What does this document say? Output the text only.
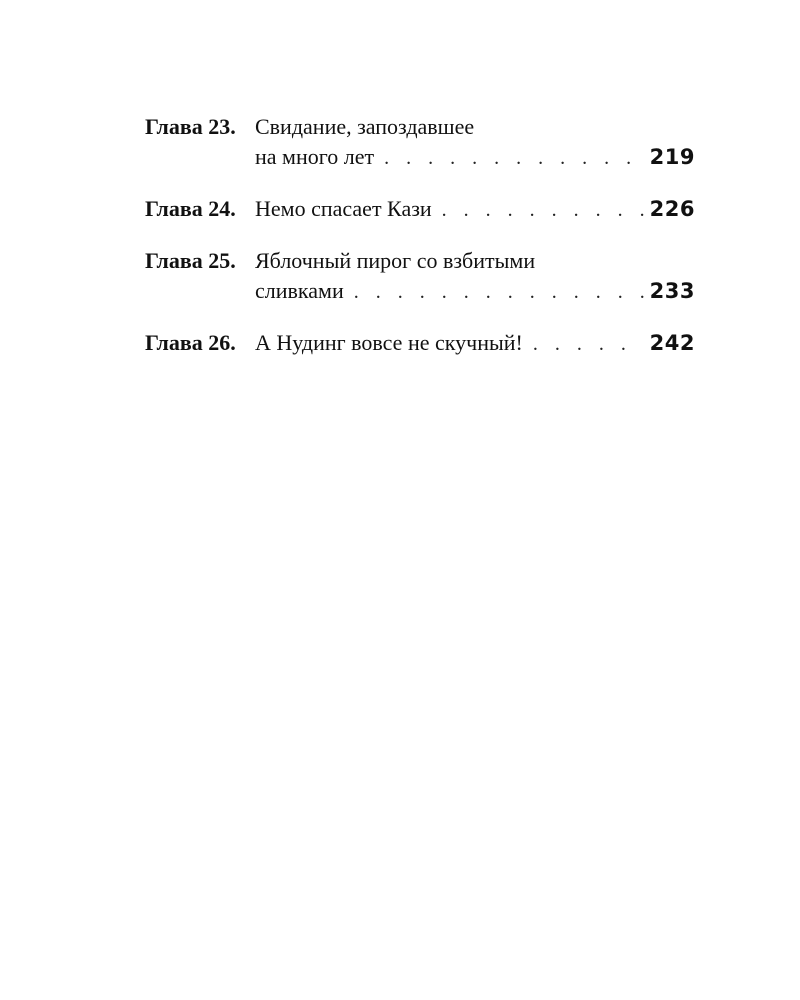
Глава 23. Свидание, запоздавшее
на много лет . . .	219
Глава 24. Немо спасает Кази . . .	226
Глава 25. Яблочный пирог со взбитыми
сливками . . .	233
Глава 26. А Нудинг вовсе не скучный! . . .	242
